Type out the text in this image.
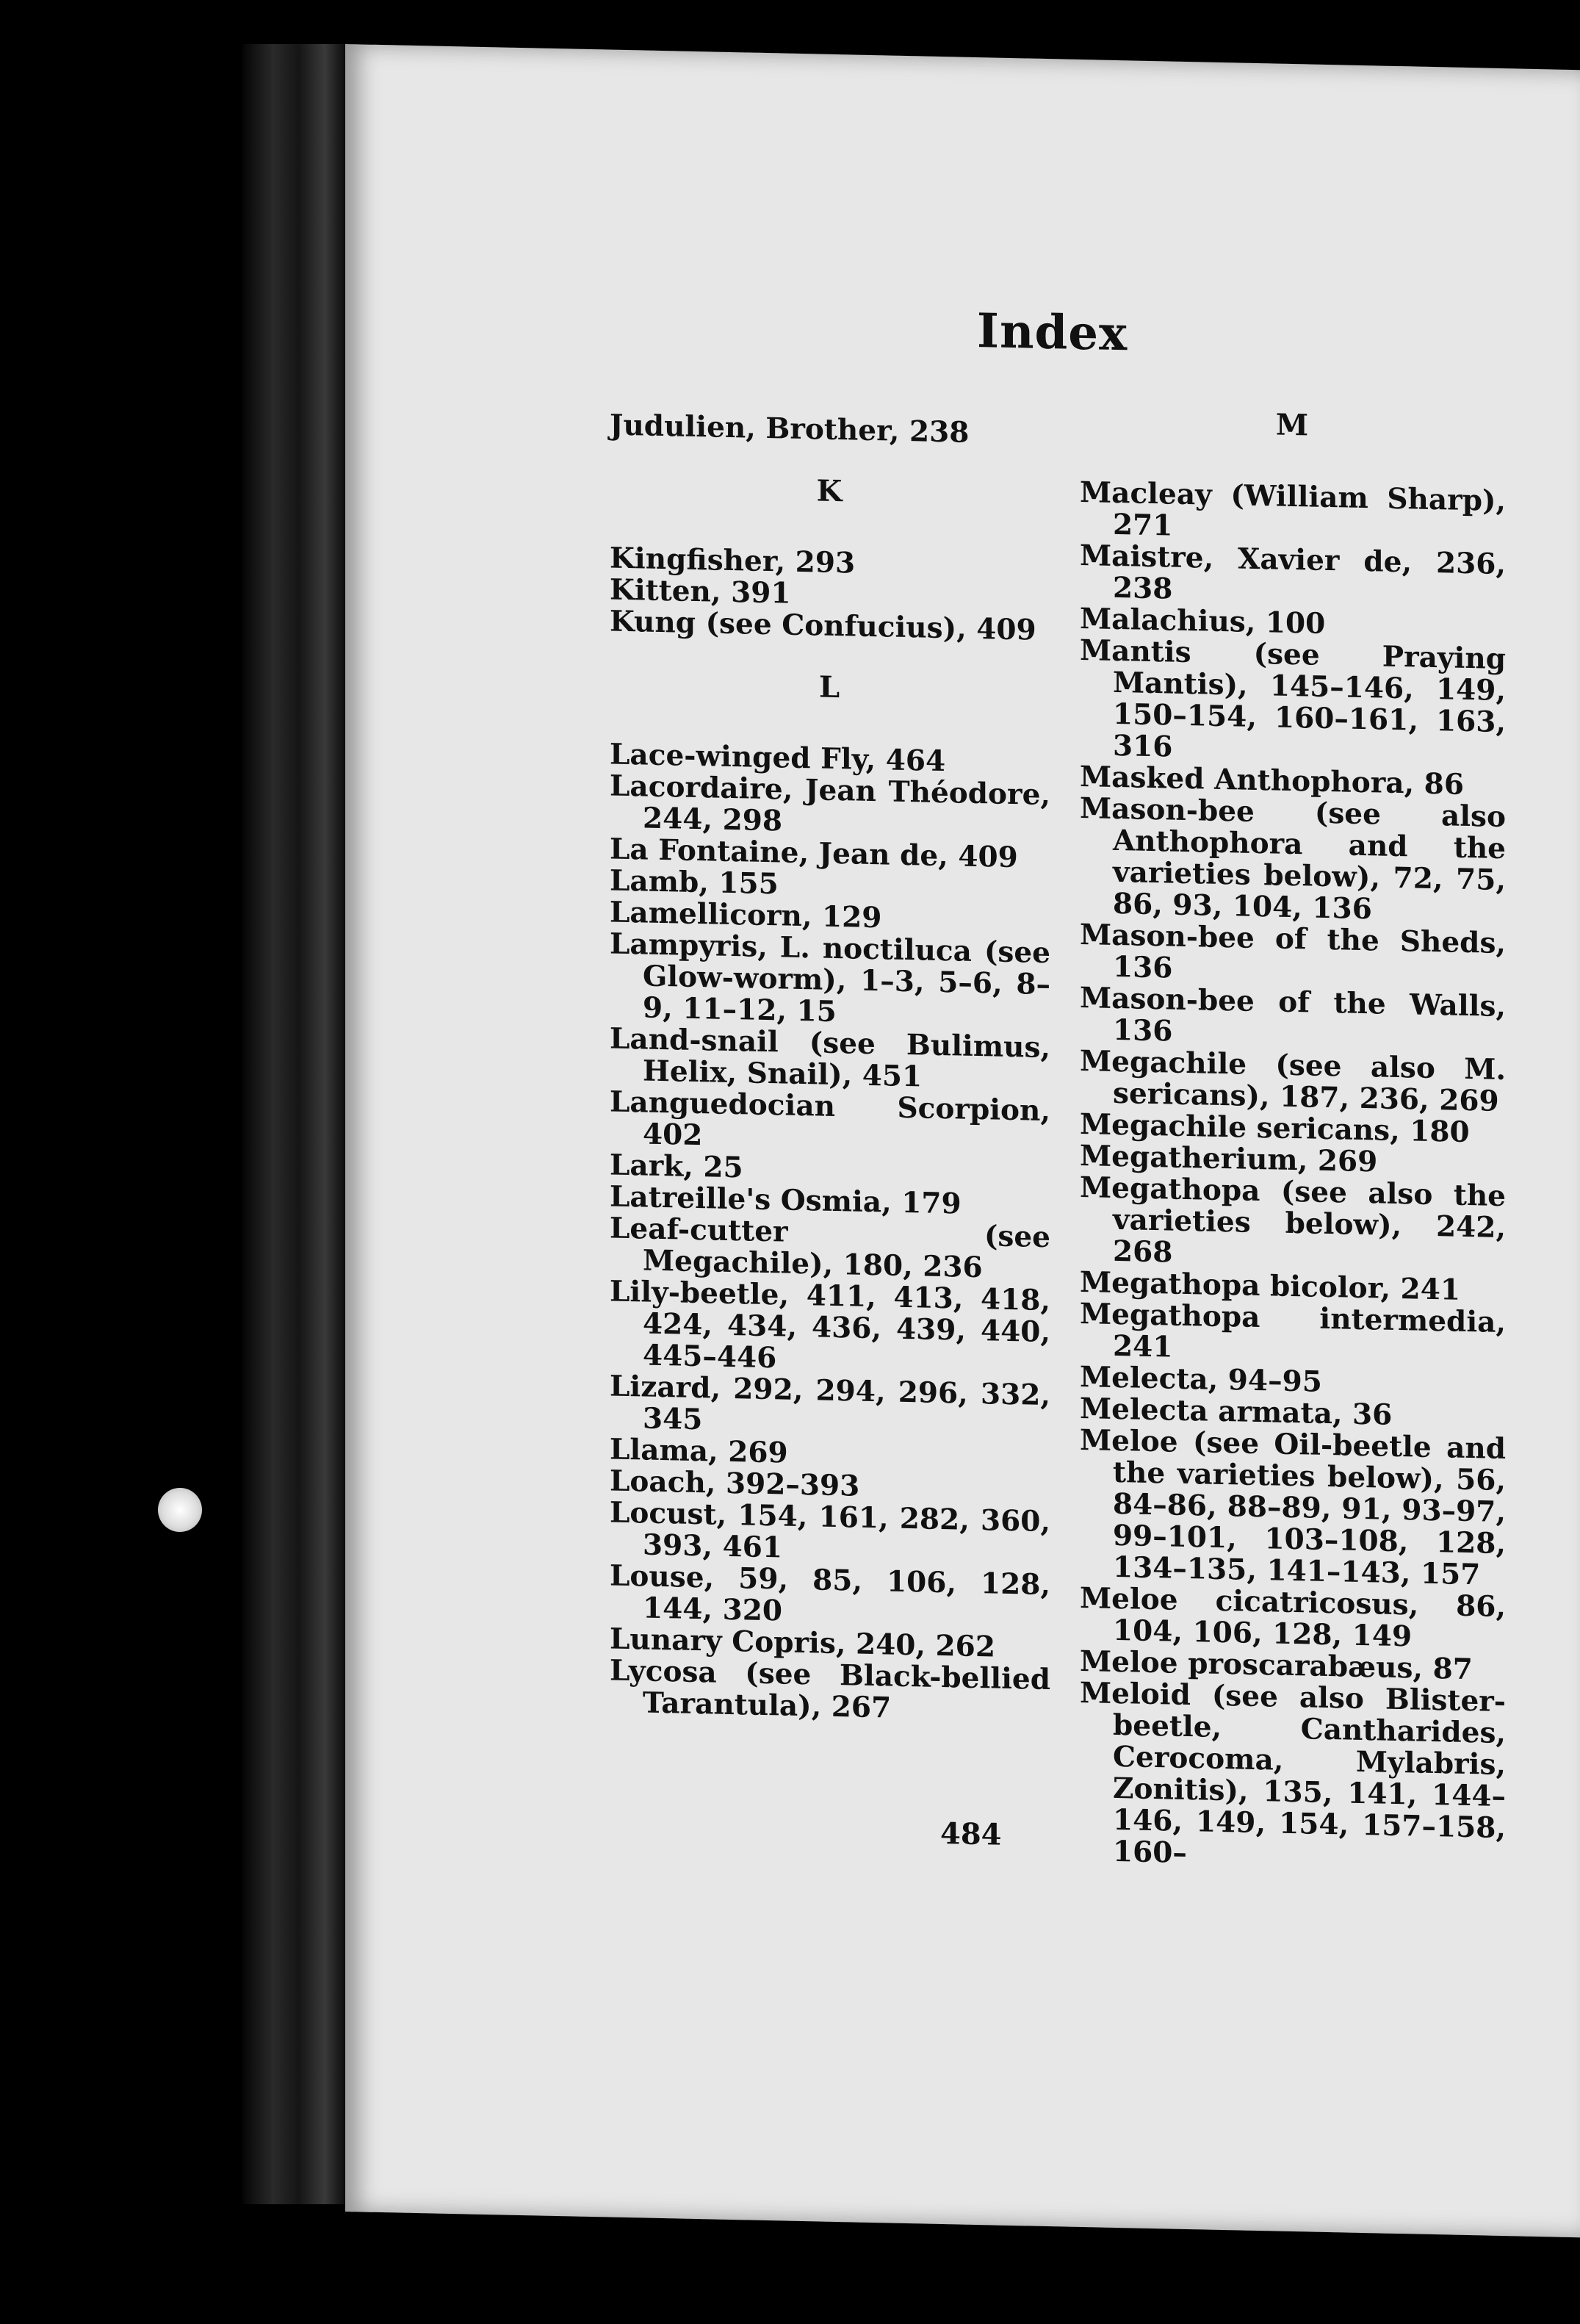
Index

Judulien, Brother, 238

K

Kingfisher, 293

Kitten, 391

Kung (see Confucius), 409

L

Lace-winged Fly, 464

Lacordaire, Jean Théodore, 244, 298

La Fontaine, Jean de, 409

Lamb, 155

Lamellicorn, 129

Lampyris, L. noctiluca (see Glow-worm), 1–3, 5–6, 8–9, 11–12, 15

Land-snail (see Bulimus, Helix, Snail), 451

Languedocian Scorpion, 402

Lark, 25

Latreille's Osmia, 179

Leaf-cutter (see Megachile), 180, 236

Lily-beetle, 411, 413, 418, 424, 434, 436, 439, 440, 445–446

Lizard, 292, 294, 296, 332, 345

Llama, 269

Loach, 392–393

Locust, 154, 161, 282, 360, 393, 461

Louse, 59, 85, 106, 128, 144, 320

Lunary Copris, 240, 262

Lycosa (see Black-bellied Tarantula), 267

M

Macleay (William Sharp), 271

Maistre, Xavier de, 236, 238

Malachius, 100

Mantis (see Praying Mantis), 145–146, 149, 150–154, 160–161, 163, 316

Masked Anthophora, 86

Mason-bee (see also Anthophora and the varieties below), 72, 75, 86, 93, 104, 136

Mason-bee of the Sheds, 136

Mason-bee of the Walls, 136

Megachile (see also M. sericans), 187, 236, 269

Megachile sericans, 180

Megatherium, 269

Megathopa (see also the varieties below), 242, 268

Megathopa bicolor, 241

Megathopa intermedia, 241

Melecta, 94–95

Melecta armata, 36

Meloe (see Oil-beetle and the varieties below), 56, 84–86, 88–89, 91, 93–97, 99–101, 103–108, 128, 134–135, 141–143, 157

Meloe cicatricosus, 86, 104, 106, 128, 149

Meloe proscarabæus, 87

Meloid (see also Blister-beetle, Cantharides, Cerocoma, Mylabris, Zonitis), 135, 141, 144–146, 149, 154, 157–158, 160–

484
